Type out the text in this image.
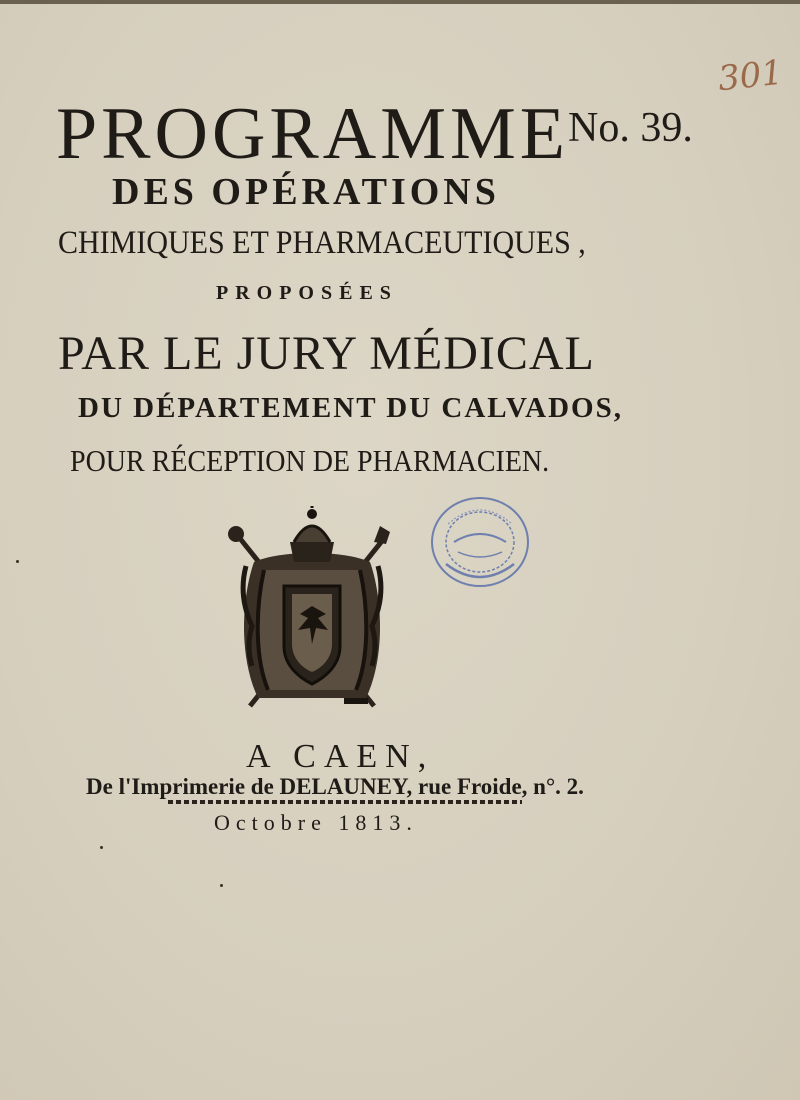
301
PROGRAMME No. 39.
DES OPÉRATIONS
CHIMIQUES ET PHARMACEUTIQUES ,
PROPOSÉES
PAR LE JURY MÉDICAL
DU DÉPARTEMENT DU CALVADOS,
POUR RÉCEPTION DE PHARMACIEN.
A CAEN,
De l'Imprimerie de DELAUNEY, rue Froide, n°. 2.
Octobre 1813.
